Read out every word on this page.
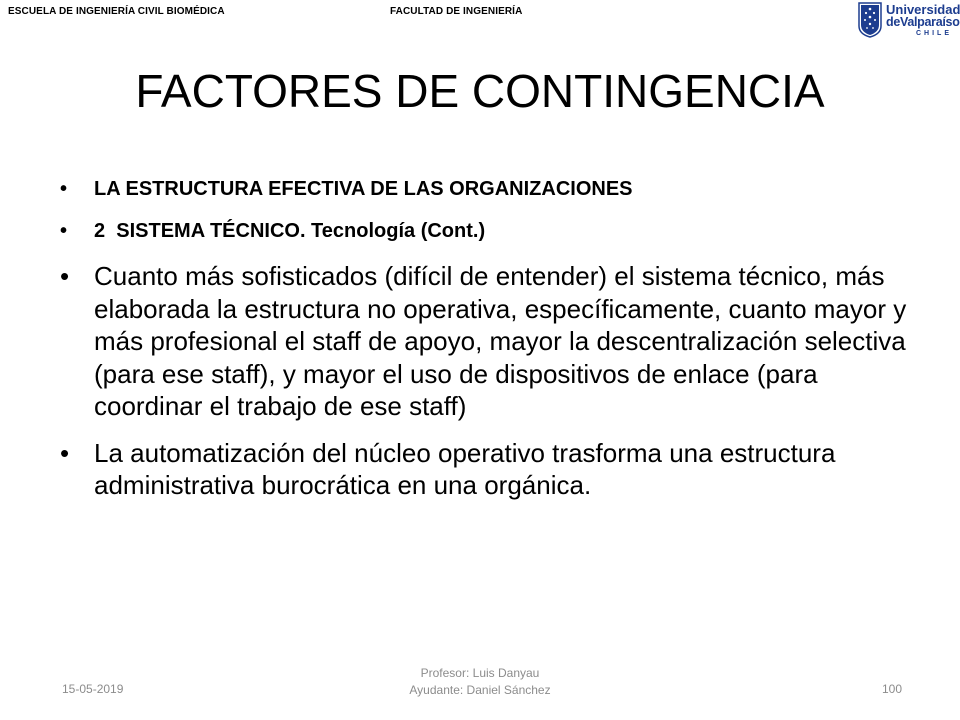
ESCUELA DE INGENIERÍA CIVIL BIOMÉDICA	FACULTAD DE INGENIERÍA	Universidad
deValparaíso
CHILE
FACTORES DE CONTINGENCIA
• LA ESTRUCTURA EFECTIVA DE LAS ORGANIZACIONES
• 2  SISTEMA TÉCNICO. Tecnología (Cont.)
• Cuanto más sofisticados (difícil de entender) el sistema técnico, más elaborada la estructura no operativa, específicamente, cuanto mayor y más profesional el staff de apoyo, mayor la descentralización selectiva (para ese staff), y mayor el uso de dispositivos de enlace (para coordinar el trabajo de ese staff)
• La automatización del núcleo operativo trasforma una estructura administrativa burocrática en una orgánica.
15-05-2019
Profesor: Luis Danyau
Ayudante: Daniel Sánchez	100
